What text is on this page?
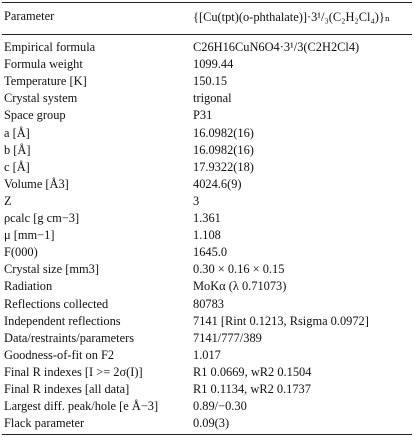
Parameter	{[Cu(tpt)(o-phthalate)]·3¹/₃(C₂H₂Cl₄)}ₙ
Empirical formula	C26H16CuN6O4·3¹/3(C2H2Cl4)
Formula weight	1099.44
Temperature [K]	150.15
Crystal system	trigonal
Space group	P31
a [Å]	16.0982(16)
b [Å]	16.0982(16)
c [Å]	17.9322(18)
Volume [Å3]	4024.6(9)
Z	3
ρcalc [g cm−3]	1.361
μ [mm−1]	1.108
F(000)	1645.0
Crystal size [mm3]	0.30 × 0.16 × 0.15
Radiation	MoKα (λ 0.71073)
Reflections collected	80783
Independent reflections	7141 [Rint 0.1213, Rsigma 0.0972]
Data/restraints/parameters	7141/777/389
Goodness-of-fit on F2	1.017
Final R indexes [I >= 2σ(I)]	R1 0.0669, wR2 0.1504
Final R indexes [all data]	R1 0.1134, wR2 0.1737
Largest diff. peak/hole [e Å−3]	0.89/−0.30
Flack parameter	0.09(3)
